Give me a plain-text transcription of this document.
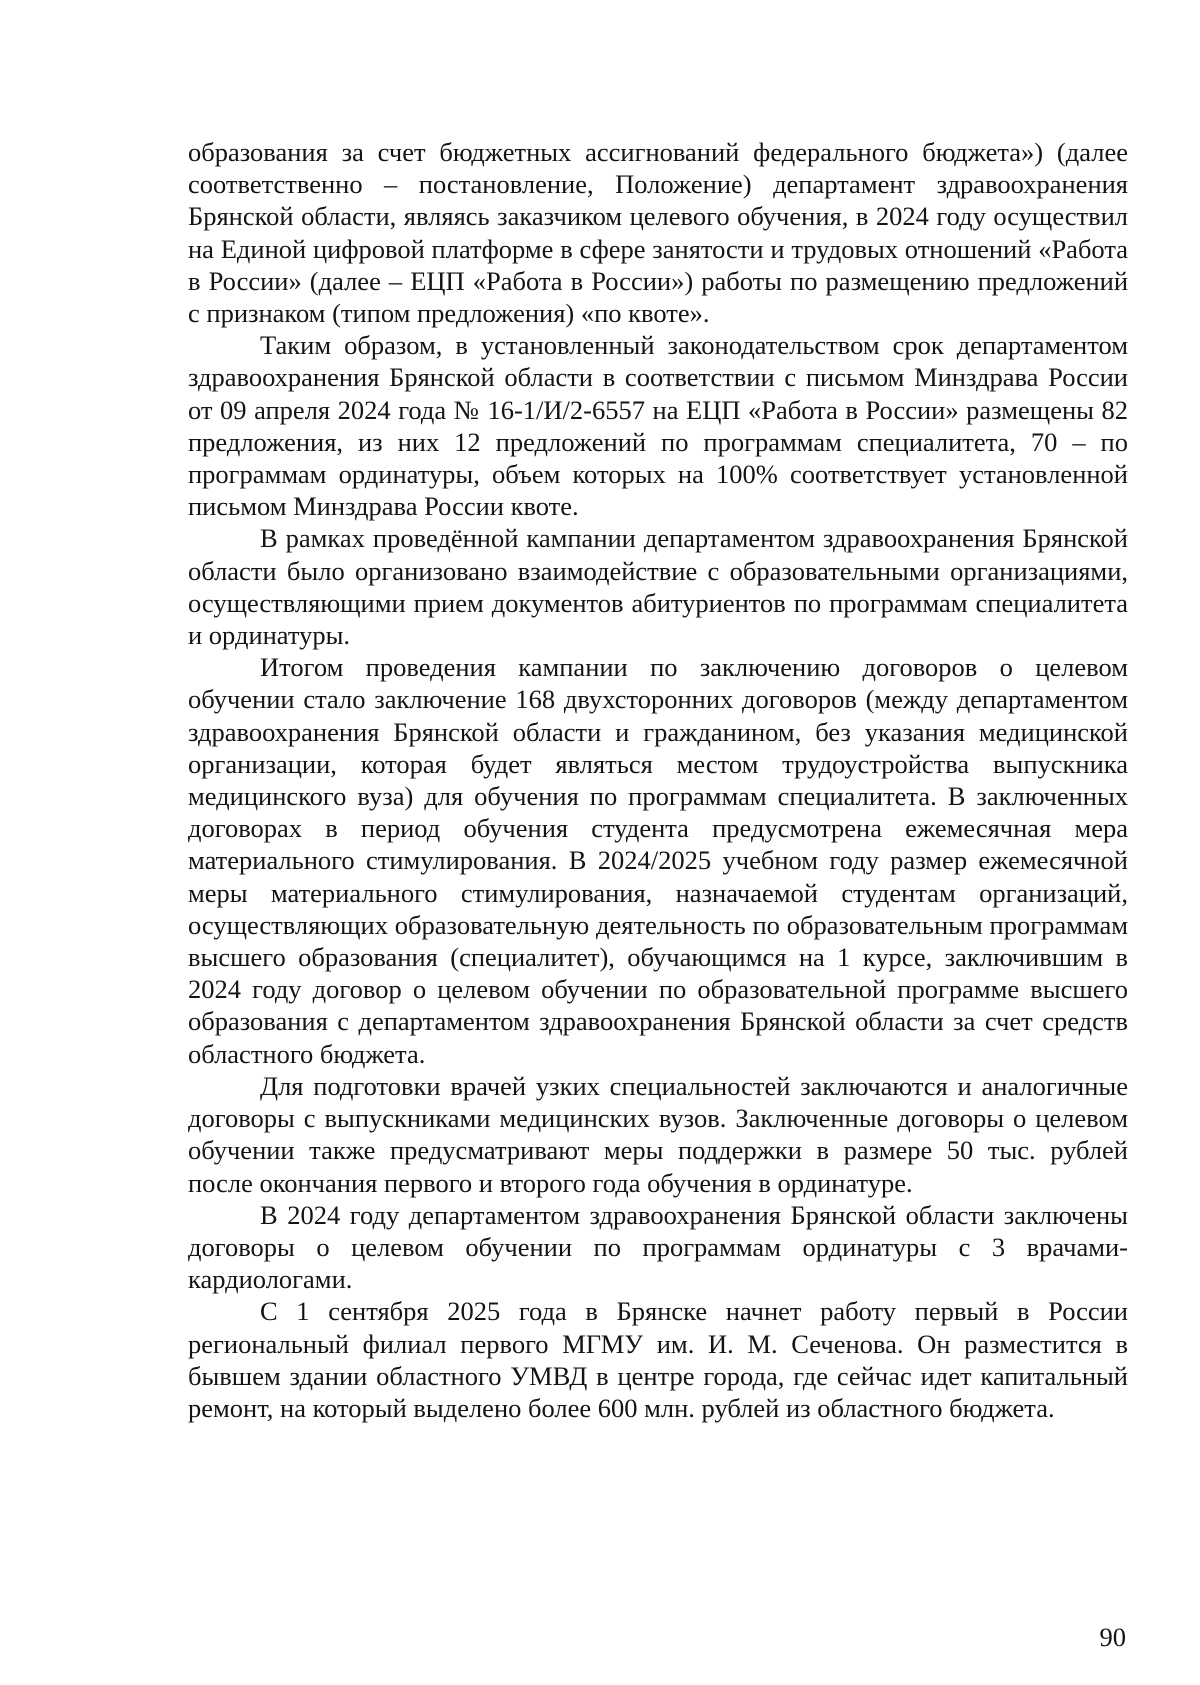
образования за счет бюджетных ассигнований федерального бюджета») (далее соответственно – постановление, Положение) департамент здравоохранения Брянской области, являясь заказчиком целевого обучения, в 2024 году осуществил на Единой цифровой платформе в сфере занятости и трудовых отношений «Работа в России» (далее – ЕЦП «Работа в России») работы по размещению предложений с признаком (типом предложения) «по квоте».

Таким образом, в установленный законодательством срок департаментом здравоохранения Брянской области в соответствии с письмом Минздрава России от 09 апреля 2024 года № 16-1/И/2-6557 на ЕЦП «Работа в России» размещены 82 предложения, из них 12 предложений по программам специалитета, 70 – по программам ординатуры, объем которых на 100% соответствует установленной письмом Минздрава России квоте.

В рамках проведённой кампании департаментом здравоохранения Брянской области было организовано взаимодействие с образовательными организациями, осуществляющими прием документов абитуриентов по программам специалитета и ординатуры.

Итогом проведения кампании по заключению договоров о целевом обучении стало заключение 168 двухсторонних договоров (между департаментом здравоохранения Брянской области и гражданином, без указания медицинской организации, которая будет являться местом трудоустройства выпускника медицинского вуза) для обучения по программам специалитета. В заключенных договорах в период обучения студента предусмотрена ежемесячная мера материального стимулирования. В 2024/2025 учебном году размер ежемесячной меры материального стимулирования, назначаемой студентам организаций, осуществляющих образовательную деятельность по образовательным программам высшего образования (специалитет), обучающимся на 1 курсе, заключившим в 2024 году договор о целевом обучении по образовательной программе высшего образования с департаментом здравоохранения Брянской области за счет средств областного бюджета.

Для подготовки врачей узких специальностей заключаются и аналогичные договоры с выпускниками медицинских вузов. Заключенные договоры о целевом обучении также предусматривают меры поддержки в размере 50 тыс. рублей после окончания первого и второго года обучения в ординатуре.

В 2024 году департаментом здравоохранения Брянской области заключены договоры о целевом обучении по программам ординатуры с 3 врачами-кардиологами.

С 1 сентября 2025 года в Брянске начнет работу первый в России региональный филиал первого МГМУ им. И. М. Сеченова. Он разместится в бывшем здании областного УМВД в центре города, где сейчас идет капитальный ремонт, на который выделено более 600 млн. рублей из областного бюджета.

90
